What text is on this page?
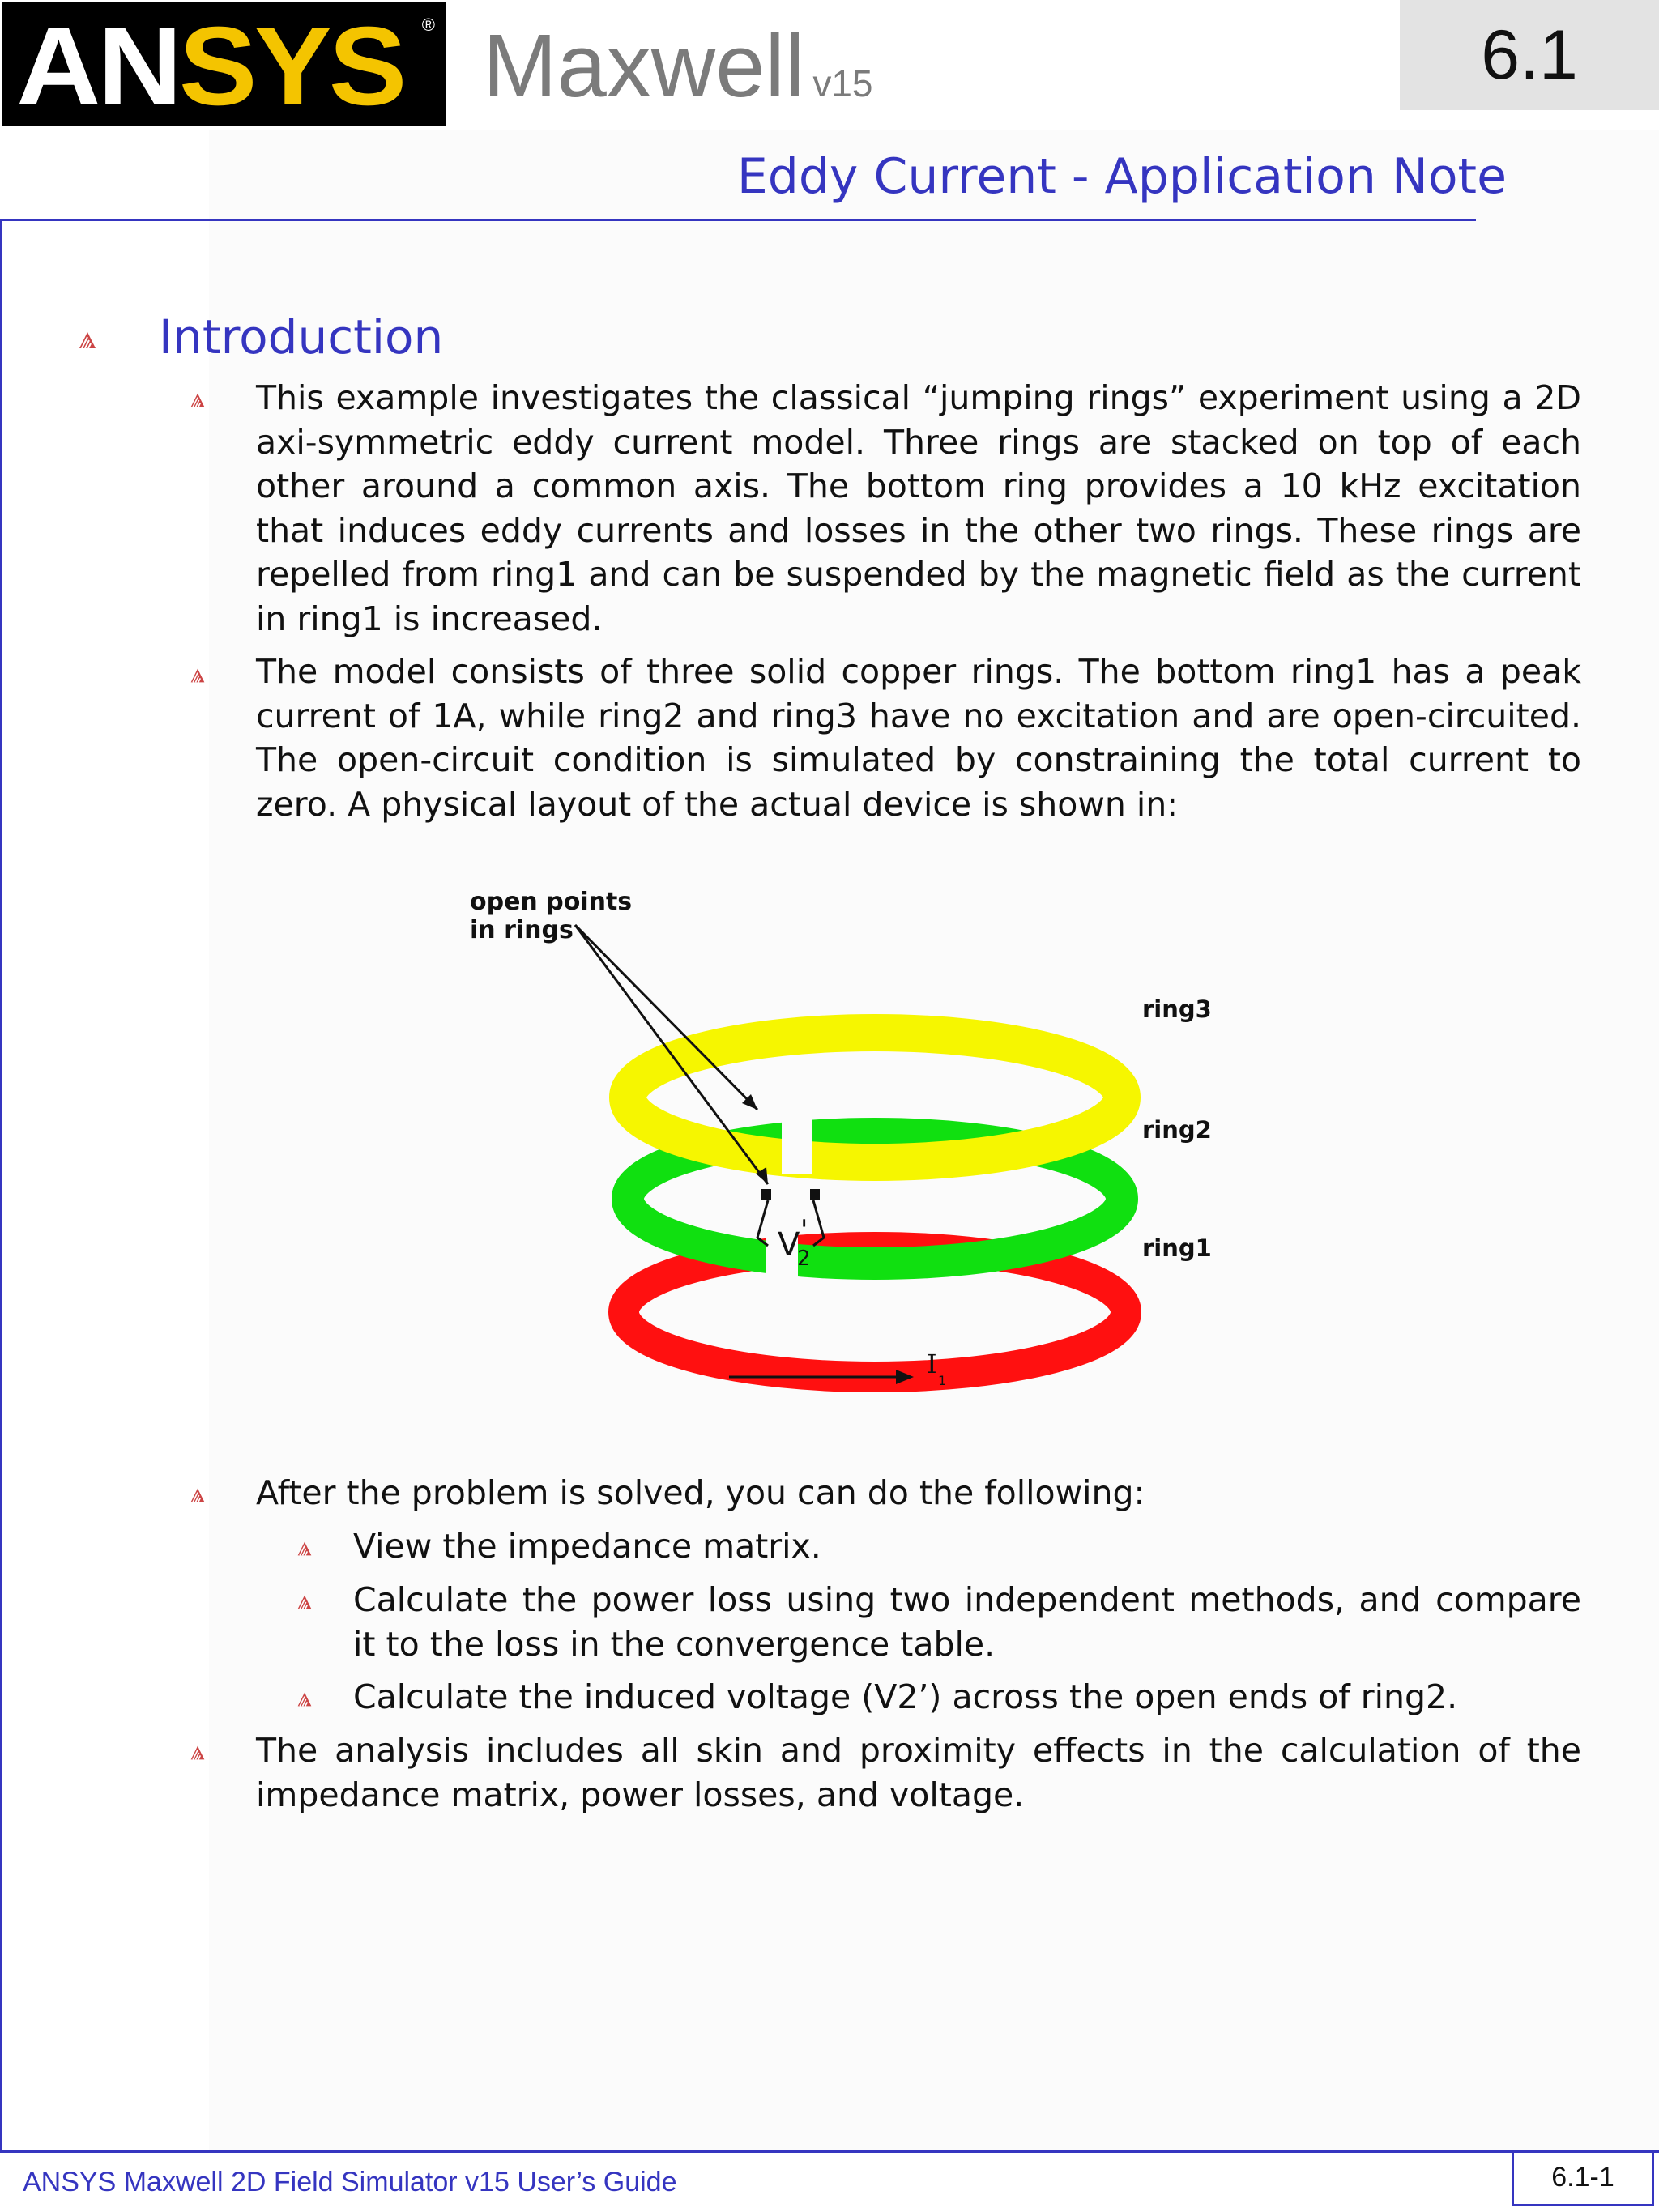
ANSYS ® Maxwell v15	6.1
Eddy Current - Application Note
Introduction
This example investigates the classical “jumping rings” experiment using a 2D axi-symmetric eddy current model. Three rings are stacked on top of each other around a common axis. The bottom ring provides a 10 kHz excitation that induces eddy currents and losses in the other two rings. These rings are repelled from ring1 and can be suspended by the magnetic field as the current in ring1 is increased.
The model consists of three solid copper rings. The bottom ring1 has a peak current of 1A, while ring2 and ring3 have no excitation and are open-circuited. The open-circuit condition is simulated by constraining the total current to zero. A physical layout of the actual device is shown in:
open points
in rings
ring3
ring2
ring1
V '
2
I
1
After the problem is solved, you can do the following:
View the impedance matrix.
Calculate the power loss using two independent methods, and compare it to the loss in the convergence table.
Calculate the induced voltage (V2’) across the open ends of ring2.
The analysis includes all skin and proximity effects in the calculation of the impedance matrix, power losses, and voltage.
ANSYS Maxwell 2D Field Simulator v15 User’s Guide	6.1-1
